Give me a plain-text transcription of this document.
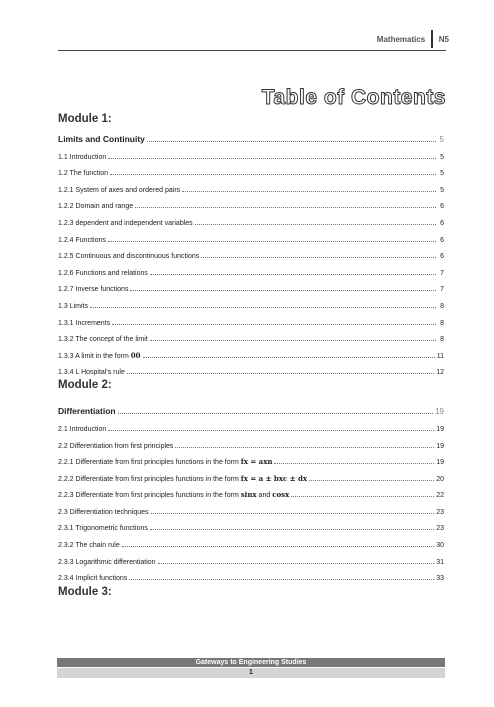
Mathematics	N5
Table of Contents
Module 1:
Limits and Continuity	5
1.1 Introduction	5
1.2 The function	5
1.2.1 System of axes and ordered pairs	5
1.2.2 Domain and range	6
1.2.3 dependent and independent variables	6
1.2.4 Functions	6
1.2.5 Continuous and discontinuous functions	6
1.2.6 Functions and relations	7
1.2.7 Inverse functions	7
1.3 Limits	8
1.3.1 Increments	8
1.3.2 The concept of the limit	8
1.3.3 A limit in the form 00	11
1.3.4 L Hospital's rule	12
Module 2:
Differentiation	19
2.1 Introduction	19
2.2 Differentiation from first principles	19
2.2.1 Differentiate from first principles functions in the form fx = axn	19
2.2.2 Differentiate from first principles functions in the form fx = a ± bxc ± dx	20
2.2.3 Differentiate from first principles functions in the form sinx and cosx	22
2.3 Differentiation techniques	23
2.3.1 Trigonometric functions	23
2.3.2 The chain rule	30
2.3.3 Logarithmic differentiation	31
2.3.4 Implicit functions	33
Module 3:
Gateways to Engineering Studies
1
